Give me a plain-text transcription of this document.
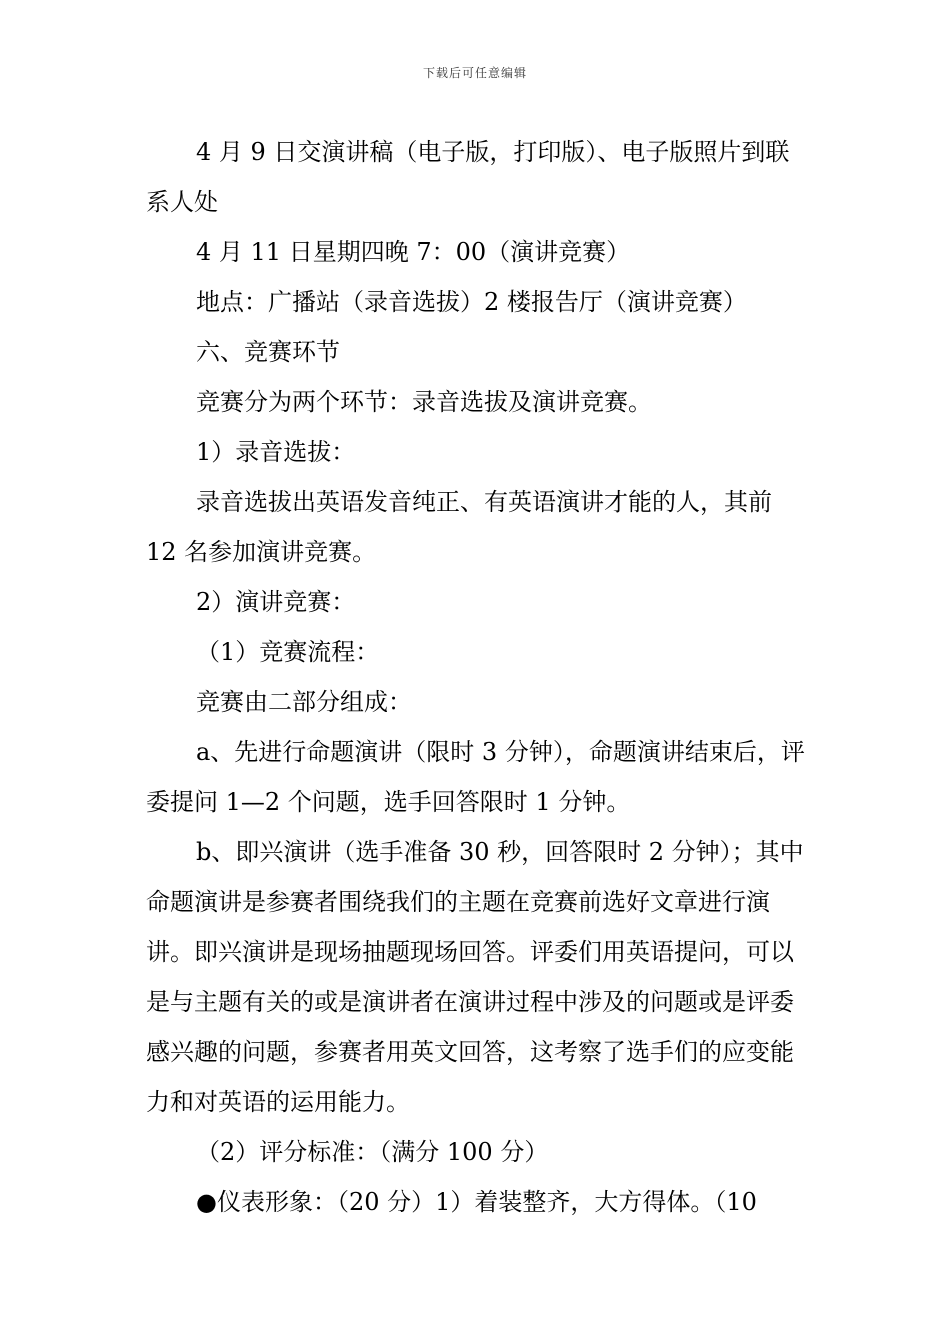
下载后可任意编辑

4 月 9 日交演讲稿（电子版，打印版）、电子版照片到联系人处

4 月 11 日星期四晚 7：00（演讲竞赛）

地点：广播站（录音选拔）2 楼报告厅（演讲竞赛）

六、竞赛环节

竞赛分为两个环节：录音选拔及演讲竞赛。

1）录音选拔：

录音选拔出英语发音纯正、有英语演讲才能的人，其前 12 名参加演讲竞赛。

2）演讲竞赛：

（1）竞赛流程：

竞赛由二部分组成：

a、先进行命题演讲（限时 3 分钟），命题演讲结束后，评委提问 1—2 个问题，选手回答限时 1 分钟。

b、即兴演讲（选手准备 30 秒，回答限时 2 分钟）；其中命题演讲是参赛者围绕我们的主题在竞赛前选好文章进行演讲。即兴演讲是现场抽题现场回答。评委们用英语提问，可以是与主题有关的或是演讲者在演讲过程中涉及的问题或是评委感兴趣的问题，参赛者用英文回答，这考察了选手们的应变能力和对英语的运用能力。

（2）评分标准：（满分 100 分）

●仪表形象：（20 分）1）着装整齐，大方得体。（10
